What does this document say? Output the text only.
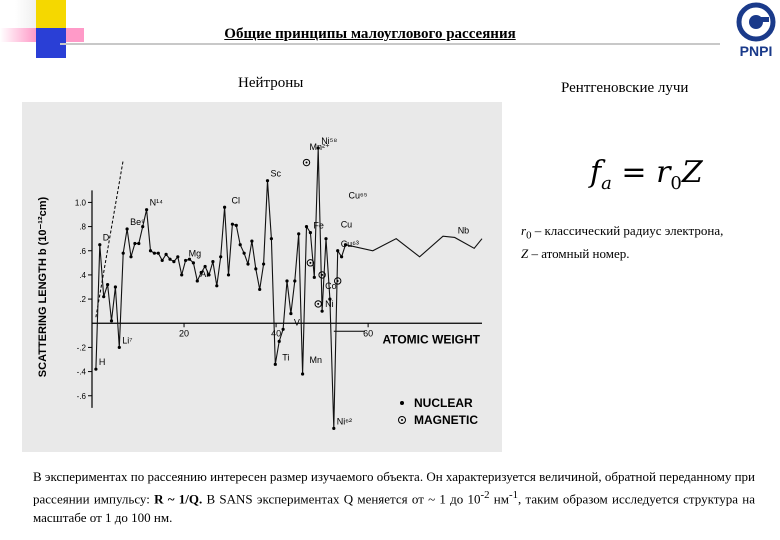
Общие принципы малоуглового рассеяния
PNPI
Нейтроны	Рентгеновские лучи
$f_a = r_0Z$
$r_0$ – классический радиус электрона,
Z – атомный номер.
1.0
.8
.6
.4
.2
-.2
-.4
-.6
20	40	60 ATOMIC WEIGHT
SCATTERING LENGTH b (10⁻¹²cm)	D
H
Li⁷
Be⁹
N¹⁴
Mg
Al
Cl
Sc
Ti
V
Mn²⁺
Mn
Fe
Co
Ni
Ni⁵⁸
Cu
Cu⁶⁵
Cu⁶³
Ni⁶²
Nb
NUCLEAR
MAGNETIC
В экспериментах по рассеянию интересен размер изучаемого объекта. Он характеризуется величиной, обратной переданному при рассеянии импульсу: R ~ 1/Q. В SANS экспериментах Q меняется от ~ 1 до $10^{-2}$ $нм^{-1}$, таким образом исследуется структура на масштабе от 1 до 100 нм.
